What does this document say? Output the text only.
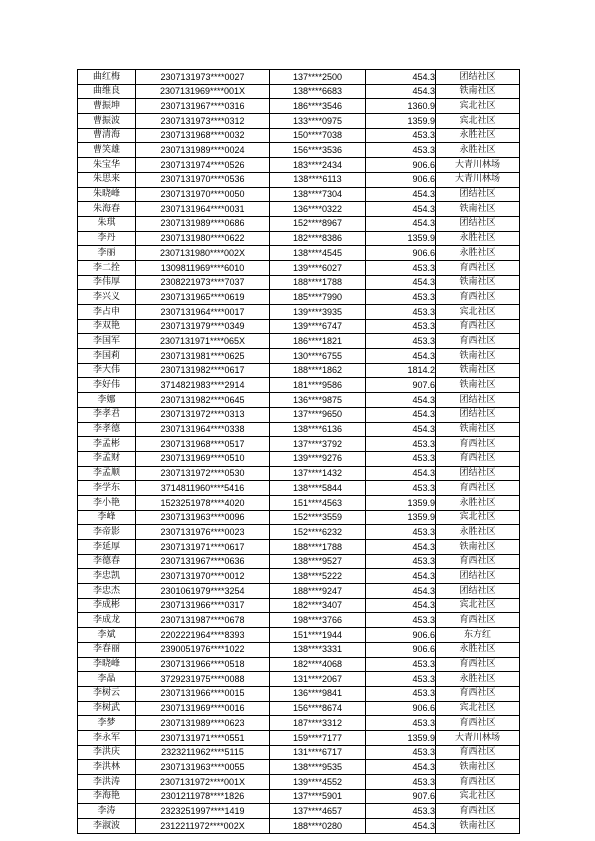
曲红梅	2307131973****0027	137****2500	454.3	团结社区
曲维良	2307131969****001X	138****6683	454.3	铁南社区
曹振坤	2307131967****0316	186****3546	1360.9	宾北社区
曹振波	2307131973****0312	133****0975	1359.9	宾北社区
曹清海	2307131968****0032	150****7038	453.3	永胜社区
曹笑雄	2307131989****0024	156****3536	453.3	永胜社区
朱宝华	2307131974****0526	183****2434	906.6	大青川林场
朱思来	2307131970****0536	138****6113	906.6	大青川林场
朱晓峰	2307131970****0050	138****7304	454.3	团结社区
朱海春	2307131964****0031	136****0322	454.3	铁南社区
朱琪	2307131989****0686	152****8967	454.3	团结社区
李丹	2307131980****0622	182****8386	1359.9	永胜社区
李丽	2307131980****002X	138****4545	906.6	永胜社区
李二拴	1309811969****6010	139****6027	453.3	育西社区
李伟厚	2308221973****7037	188****1788	454.3	铁南社区
李兴义	2307131965****0619	185****7990	453.3	育西社区
李占申	2307131964****0017	139****3935	453.3	宾北社区
李双艳	2307131979****0349	139****6747	453.3	育西社区
李国军	2307131971****065X	186****1821	453.3	育西社区
李国莉	2307131981****0625	130****6755	454.3	铁南社区
李大伟	2307131982****0617	188****1862	1814.2	铁南社区
李好伟	3714821983****2914	181****9586	907.6	铁南社区
李娜	2307131982****0645	136****9875	454.3	团结社区
李孝君	2307131972****0313	137****9650	454.3	团结社区
李孝德	2307131964****0338	138****6136	454.3	铁南社区
李孟彬	2307131968****0517	137****3792	453.3	育西社区
李孟财	2307131969****0510	139****9276	453.3	育西社区
李孟顺	2307131972****0530	137****1432	454.3	团结社区
李学东	3714811960****5416	138****5844	453.3	育西社区
李小艳	1523251978****4020	151****4563	1359.9	永胜社区
李峰	2307131963****0096	152****3559	1359.9	宾北社区
李帝影	2307131976****0023	152****6232	453.3	永胜社区
李延厚	2307131971****0617	188****1788	454.3	铁南社区
李德春	2307131967****0636	138****9527	453.3	育西社区
李忠凯	2307131970****0012	138****5222	454.3	团结社区
李忠杰	2301061979****3254	188****9247	454.3	团结社区
李成彬	2307131966****0317	182****3407	454.3	宾北社区
李成龙	2307131987****0678	198****3766	453.3	育西社区
李斌	2202221964****8393	151****1944	906.6	东方红
李春丽	2390051976****1022	138****3331	906.6	永胜社区
李晓峰	2307131966****0518	182****4068	453.3	育西社区
李晶	3729231975****0088	131****2067	453.3	永胜社区
李树云	2307131966****0015	136****9841	453.3	育西社区
李树武	2307131969****0016	156****8674	906.6	宾北社区
李梦	2307131989****0623	187****3312	453.3	育西社区
李永军	2307131971****0551	159****7177	1359.9	大青川林场
李洪庆	2323211962****5115	131****6717	453.3	育西社区
李洪林	2307131963****0055	138****9535	454.3	铁南社区
李洪涛	2307131972****001X	139****4552	453.3	育西社区
李海艳	2301211978****1826	137****5901	907.6	宾北社区
李涛	2323251997****1419	137****4657	453.3	育西社区
李淑波	2312211972****002X	188****0280	454.3	铁南社区
